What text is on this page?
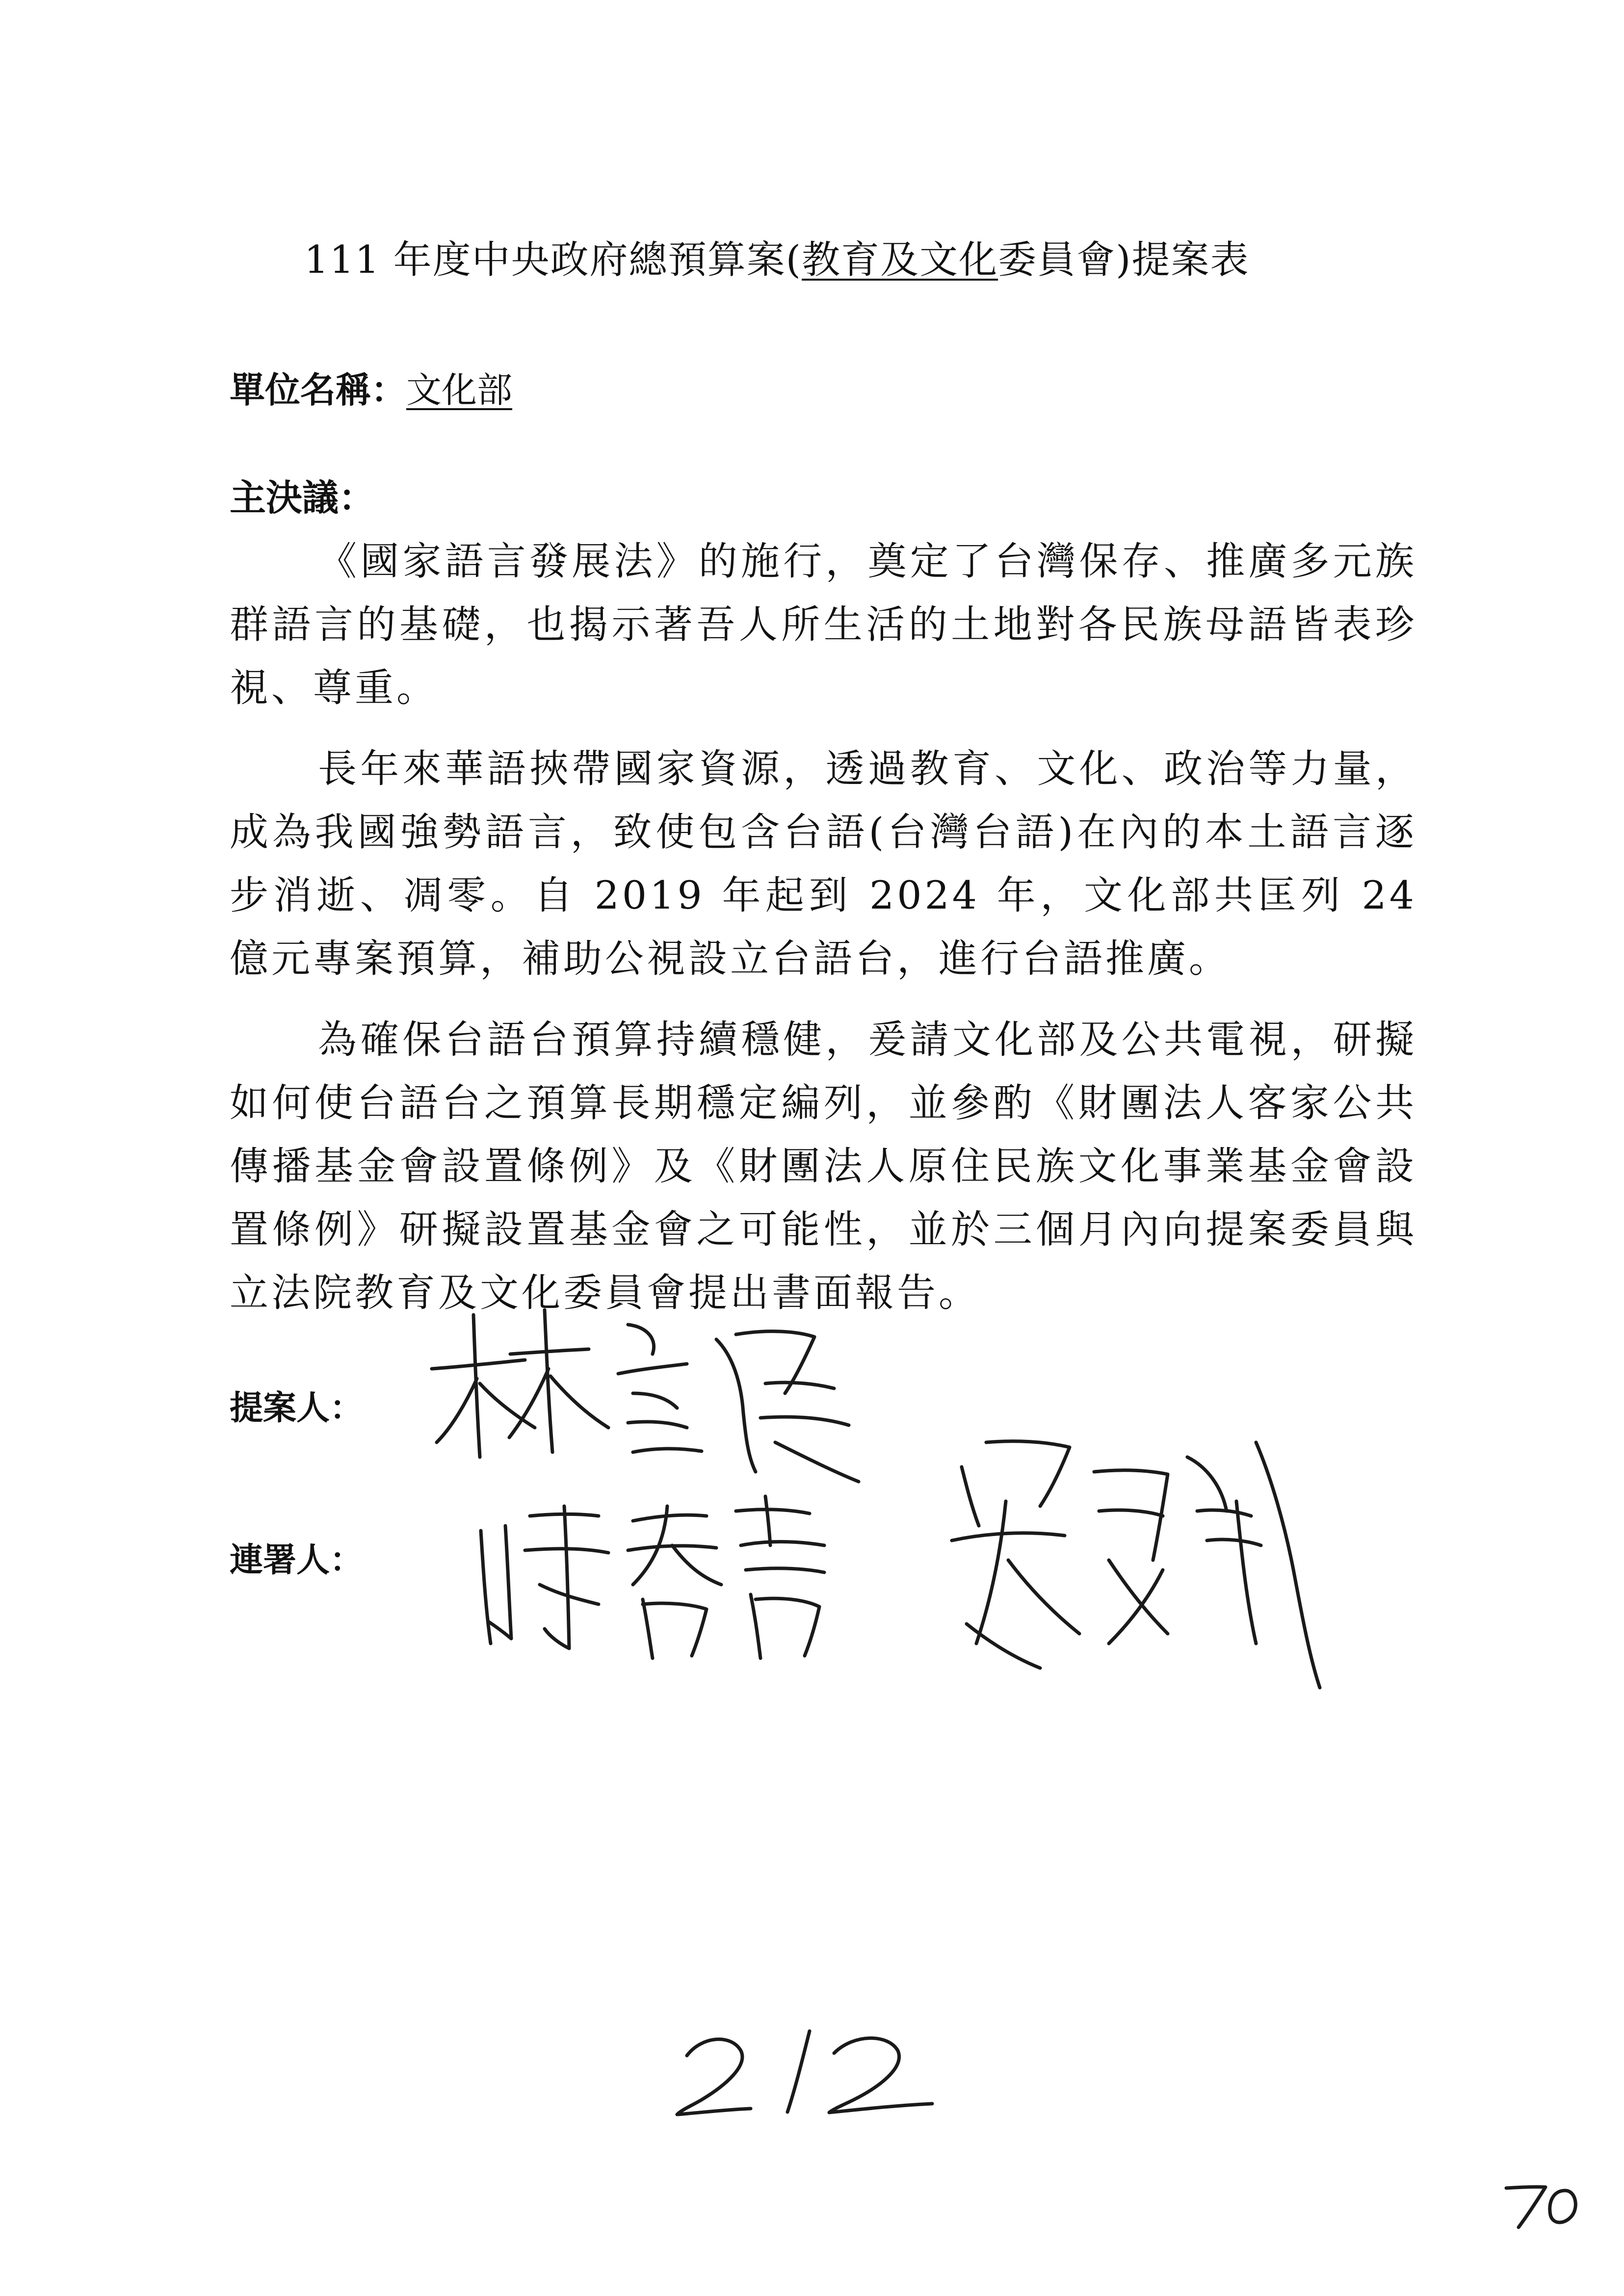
111 年度中央政府總預算案(教育及文化委員會)提案表
單位名稱：文化部
主決議：

《國家語言發展法》的施行，奠定了台灣保存、推廣多元族群語言的基礎，也揭示著吾人所生活的土地對各民族母語皆表珍視、尊重。

長年來華語挾帶國家資源，透過教育、文化、政治等力量，成為我國強勢語言，致使包含台語(台灣台語)在內的本土語言逐步消逝、凋零。自 2019 年起到 2024 年，文化部共匡列 24 億元專案預算，補助公視設立台語台，進行台語推廣。

為確保台語台預算持續穩健，爰請文化部及公共電視，研擬如何使台語台之預算長期穩定編列，並參酌《財團法人客家公共傳播基金會設置條例》及《財團法人原住民族文化事業基金會設置條例》研擬設置基金會之可能性，並於三個月內向提案委員與立法院教育及文化委員會提出書面報告。

提案人：
連署人：
